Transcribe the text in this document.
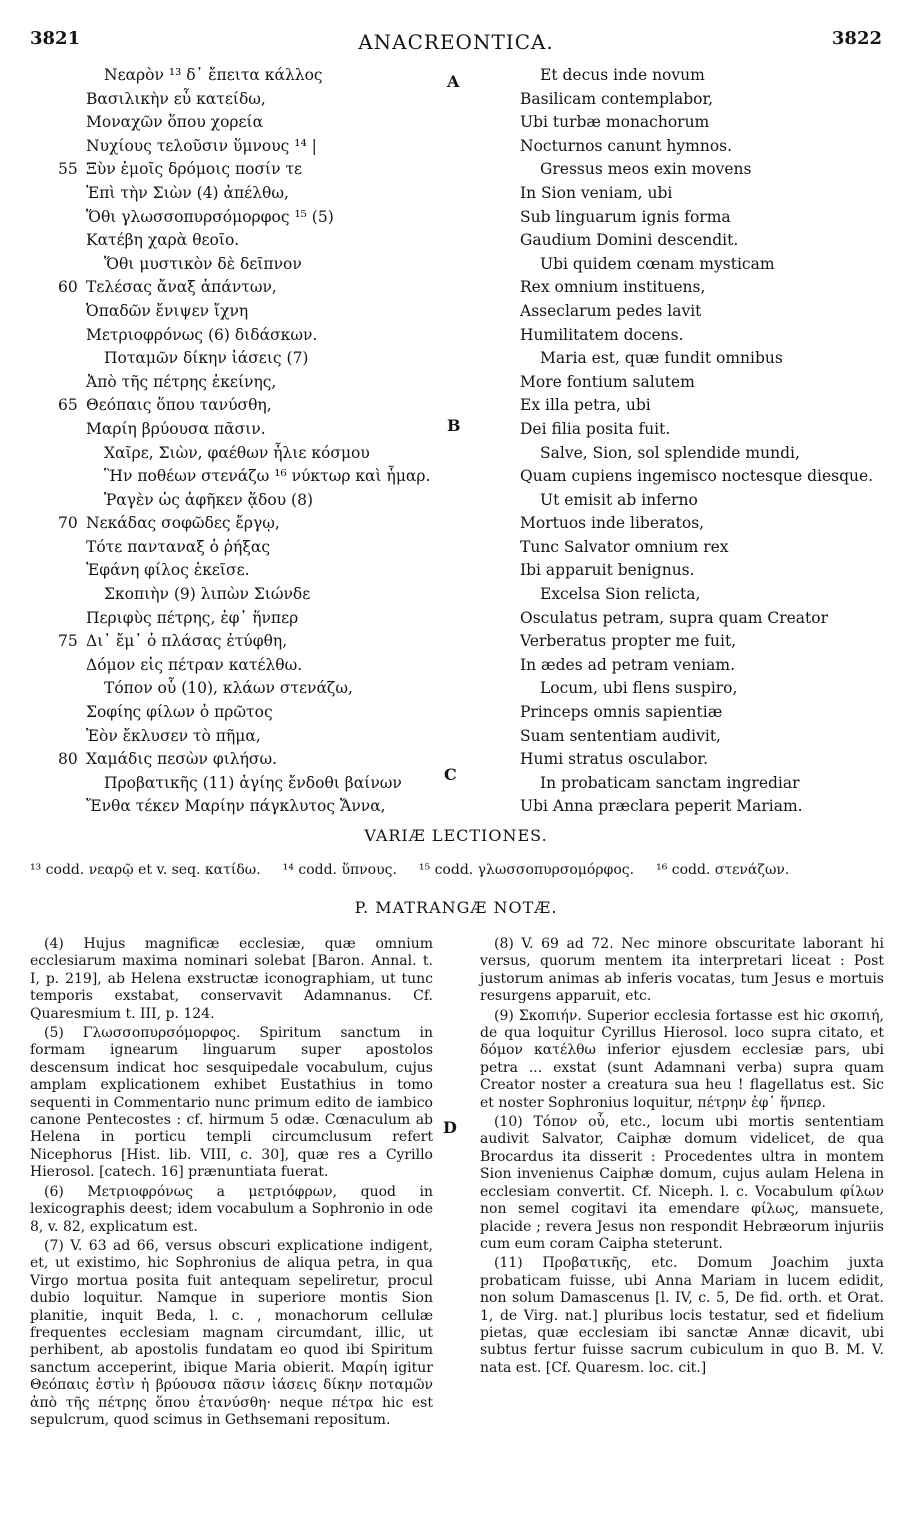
3821	ANACREONTICA.	3822
A
B
C
D
Νεαρὸν ¹³ δ᾿ ἔπειτα κάλλος
Βασιλικὴν εὖ κατείδω,
Μοναχῶν ὅπου χορεία
Νυχίους τελοῦσιν ὕμνους ¹⁴ |
55 Ξὺν ἐμοῖς δρόμοις ποσίν τε
Ἐπὶ τὴν Σιὼν (4) ἀπέλθω,
Ὅθι γλωσσοπυρσόμορφος ¹⁵ (5)
Κατέβη χαρὰ θεοῖο.
Ὅθι μυστικὸν δὲ δεῖπνον
60 Τελέσας ἄναξ ἁπάντων,
Ὀπαδῶν ἔνιψεν ἴχνη
Μετριοφρόνως (6) διδάσκων.
Ποταμῶν δίκην ἰάσεις (7)
Ἀπὸ τῆς πέτρης ἐκείνης,
65 Θεόπαις ὅπου τανύσθη,
Μαρίη βρύουσα πᾶσιν.
Χαῖρε, Σιὼν, φαέθων ἧλιε κόσμου
Ἣν ποθέων στενάζω ¹⁶ νύκτωρ καὶ ἦμαρ.
Ῥαγὲν ὡς ἀφῆκεν ᾅδου (8)
70 Νεκάδας σοφῶδες ἔργῳ,
Τότε πανταναξ ὁ ῥήξας
Ἐφάνη φίλος ἐκεῖσε.
Σκοπιὴν (9) λιπὼν Σιώνδε
Περιφὺς πέτρης, ἐφ᾿ ἥνπερ
75 Δι᾿ ἔμ᾿ ὁ πλάσας ἐτύφθη,
Δόμον εἰς πέτραν κατέλθω.
Τόπον οὗ (10), κλάων στενάζω,
Σοφίης φίλων ὁ πρῶτος
Ἑὸν ἔκλυσεν τὸ πῆμα,
80 Χαμάδις πεσὼν φιλήσω.
Προβατικῆς (11) ἁγίης ἔνδοθι βαίνων
Ἔνθα τέκεν Μαρίην πάγκλυτος Ἄννα,
Et decus inde novum
Basilicam contemplabor,
Ubi turbæ monachorum
Nocturnos canunt hymnos.
Gressus meos exin movens
In Sion veniam, ubi
Sub linguarum ignis forma
Gaudium Domini descendit.
Ubi quidem cœnam mysticam
Rex omnium instituens,
Asseclarum pedes lavit
Humilitatem docens.
Maria est, quæ fundit omnibus
More fontium salutem
Ex illa petra, ubi
Dei filia posita fuit.
Salve, Sion, sol splendide mundi,
Quam cupiens ingemisco noctesque diesque.
Ut emisit ab inferno
Mortuos inde liberatos,
Tunc Salvator omnium rex
Ibi apparuit benignus.
Excelsa Sion relicta,
Osculatus petram, supra quam Creator
Verberatus propter me fuit,
In ædes ad petram veniam.
Locum, ubi flens suspiro,
Princeps omnis sapientiæ
Suam sententiam audivit,
Humi stratus osculabor.
In probaticam sanctam ingrediar
Ubi Anna præclara peperit Mariam.
VARIÆ LECTIONES.
¹³ codd. νεαρῷ et v. seq. κατίδω. ¹⁴ codd. ὕπνους. ¹⁵ codd. γλωσσοπυρσομόρφος. ¹⁶ codd. στενάζων.
P. MATRANGÆ NOTÆ.

(4) Hujus magnificæ ecclesiæ, quæ omnium ecclesiarum maxima nominari solebat [Baron. Annal. t. I, p. 219], ab Helena exstructæ iconographiam, ut tunc temporis exstabat, conservavit Adamnanus. Cf. Quaresmium t. III, p. 124.

(5) Γλωσσοπυρσόμορφος. Spiritum sanctum in formam ignearum linguarum super apostolos descensum indicat hoc sesquipedale vocabulum, cujus amplam explicationem exhibet Eustathius in tomo sequenti in Commentario nunc primum edito de iambico canone Pentecostes : cf. hirmum 5 odæ. Cœnaculum ab Helena in porticu templi circumclusum refert Nicephorus [Hist. lib. VIII, c. 30], quæ res a Cyrillo Hierosol. [catech. 16] prænuntiata fuerat.

(6) Μετριοφρόνως a μετριόφρων, quod in lexicographis deest; idem vocabulum a Sophronio in ode 8, v. 82, explicatum est.

(7) V. 63 ad 66, versus obscuri explicatione indigent, et, ut existimo, hic Sophronius de aliqua petra, in qua Virgo mortua posita fuit antequam sepeliretur, procul dubio loquitur. Namque in superiore montis Sion planitie, inquit Beda, l. c. , monachorum cellulæ frequentes ecclesiam magnam circumdant, illic, ut perhibent, ab apostolis fundatam eo quod ibi Spiritum sanctum acceperint, ibique Maria obierit. Μαρίη igitur Θεόπαις ἐστὶν ἡ βρύουσα πᾶσιν ἰάσεις δίκην ποταμῶν ἀπὸ τῆς πέτρης ὅπου ἐτανύσθη· neque πέτρα hic est sepulcrum, quod scimus in Gethsemani repositum.

(8) V. 69 ad 72. Nec minore obscuritate laborant hi versus, quorum mentem ita interpretari liceat : Post justorum animas ab inferis vocatas, tum Jesus e mortuis resurgens apparuit, etc.

(9) Σκοπιήν. Superior ecclesia fortasse est hic σκοπιή, de qua loquitur Cyrillus Hierosol. loco supra citato, et δόμον κατέλθω inferior ejusdem ecclesiæ pars, ubi petra ... exstat (sunt Adamnani verba) supra quam Creator noster a creatura sua heu ! flagellatus est. Sic et noster Sophronius loquitur, πέτρην ἐφ᾿ ἥνπερ.

(10) Τόπον οὗ, etc., locum ubi mortis sententiam audivit Salvator, Caiphæ domum videlicet, de qua Brocardus ita disserit : Procedentes ultra in montem Sion invenienus Caiphæ domum, cujus aulam Helena in ecclesiam convertit. Cf. Niceph. l. c. Vocabulum φίλων non semel cogitavi ita emendare φίλως, mansuete, placide ; revera Jesus non respondit Hebræorum injuriis cum eum coram Caipha steterunt.

(11) Προβατικῆς, etc. Domum Joachim juxta probaticam fuisse, ubi Anna Mariam in lucem edidit, non solum Damascenus [l. IV, c. 5, De fid. orth. et Orat. 1, de Virg. nat.] pluribus locis testatur, sed et fidelium pietas, quæ ecclesiam ibi sanctæ Annæ dicavit, ubi subtus fertur fuisse sacrum cubiculum in quo B. M. V. nata est. [Cf. Quaresm. loc. cit.]
